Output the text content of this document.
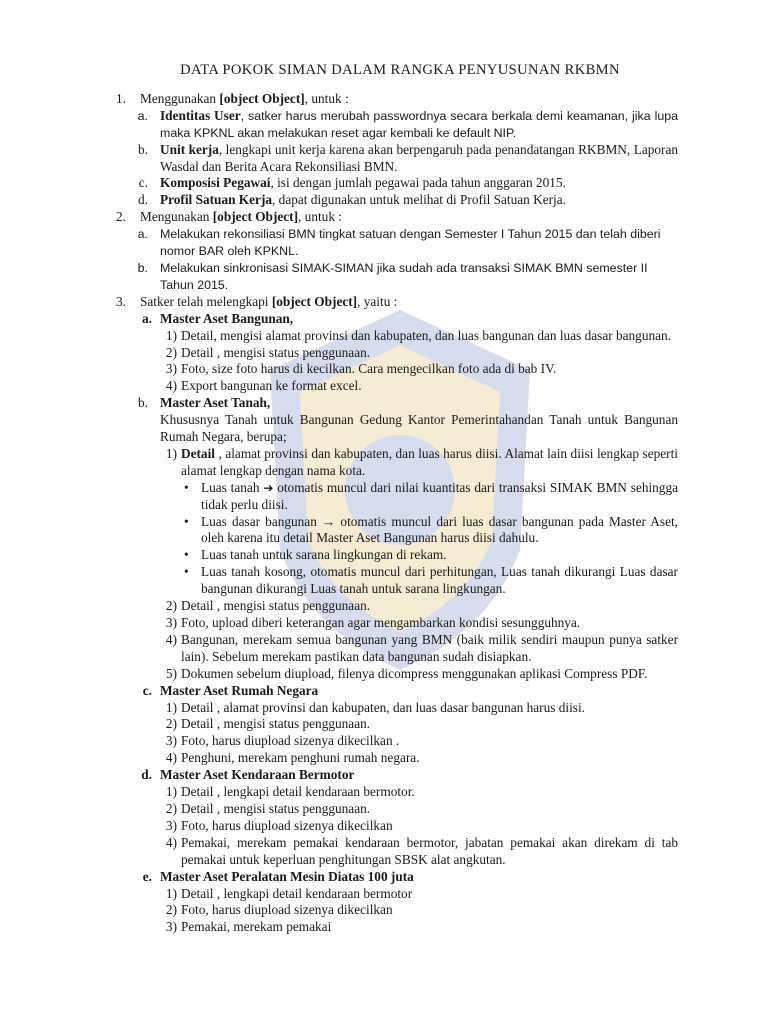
DATA POKOK SIMAN DALAM RANGKA PENYUSUNAN RKBMN
1. Menggunakan [object Object], untuk :
a. Identitas User, satker harus merubah passwordnya secara berkala demi keamanan, jika lupa maka KPKNL akan melakukan reset agar kembali ke default NIP.
b. Unit kerja, lengkapi unit kerja karena akan berpengaruh pada penandatangan RKBMN, Laporan Wasdal dan Berita Acara Rekonsiliasi BMN.
c. Komposisi Pegawai, isi dengan jumlah pegawai pada tahun anggaran 2015.
d. Profil Satuan Kerja, dapat digunakan untuk melihat di Profil Satuan Kerja.
2. Mengunakan [object Object], untuk :
a. Melakukan rekonsiliasi BMN tingkat satuan dengan Semester I Tahun 2015 dan telah diberi nomor BAR oleh KPKNL.
b. Melakukan sinkronisasi SIMAK-SIMAN jika sudah ada transaksi SIMAK BMN semester II Tahun 2015.
3. Satker telah melengkapi [object Object], yaitu :
a. Master Aset Bangunan,
1) Detail, mengisi alamat provinsi dan kabupaten, dan luas bangunan dan luas dasar bangunan.
2) Detail , mengisi status penggunaan.
3) Foto, size foto harus di kecilkan. Cara mengecilkan foto ada di bab IV.
4) Export bangunan ke format excel.
b. Master Aset Tanah,
Khususnya Tanah untuk Bangunan Gedung Kantor Pemerintahandan Tanah untuk Bangunan Rumah Negara, berupa;
1) Detail , alamat provinsi dan kabupaten, dan luas harus diisi. Alamat lain diisi lengkap seperti alamat lengkap dengan nama kota.
• Luas tanah ➔ otomatis muncul dari nilai kuantitas dari transaksi SIMAK BMN sehingga tidak perlu diisi.
• Luas dasar bangunan → otomatis muncul dari luas dasar bangunan pada Master Aset, oleh karena itu detail Master Aset Bangunan harus diisi dahulu.
• Luas tanah untuk sarana lingkungan di rekam.
• Luas tanah kosong, otomatis muncul dari perhitungan, Luas tanah dikurangi Luas dasar bangunan dikurangi Luas tanah untuk sarana lingkungan.
2) Detail , mengisi status penggunaan.
3) Foto, upload diberi keterangan agar mengambarkan kondisi sesungguhnya.
4) Bangunan, merekam semua bangunan yang BMN (baik milik sendiri maupun punya satker lain). Sebelum merekam pastikan data bangunan sudah disiapkan.
5) Dokumen sebelum diupload, filenya dicompress menggunakan aplikasi Compress PDF.
c. Master Aset Rumah Negara
1) Detail , alamat provinsi dan kabupaten, dan luas dasar bangunan harus diisi.
2) Detail , mengisi status penggunaan.
3) Foto, harus diupload sizenya dikecilkan .
4) Penghuni, merekam penghuni rumah negara.
d. Master Aset Kendaraan Bermotor
1) Detail , lengkapi detail kendaraan bermotor.
2) Detail , mengisi status penggunaan.
3) Foto, harus diupload sizenya dikecilkan
4) Pemakai, merekam pemakai kendaraan bermotor, jabatan pemakai akan direkam di tab pemakai untuk keperluan penghitungan SBSK alat angkutan.
e. Master Aset Peralatan Mesin Diatas 100 juta
1) Detail , lengkapi detail kendaraan bermotor
2) Foto, harus diupload sizenya dikecilkan
3) Pemakai, merekam pemakai
